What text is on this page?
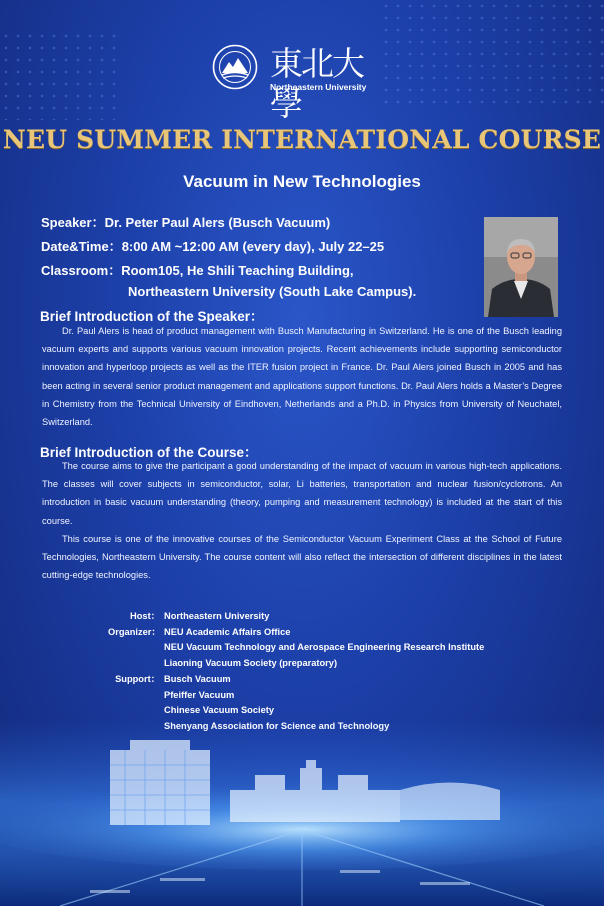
東北大學
Northeastern University
NEU SUMMER INTERNATIONAL COURSE
Vacuum in New Technologies
Speaker：Dr. Peter Paul Alers (Busch Vacuum)
Date&Time：8:00 AM ~12:00 AM (every day), July 22–25
Classroom：Room105, He Shili Teaching Building,
Northeastern University (South Lake Campus).
Brief Introduction of the Speaker：

Dr. Paul Alers is head of product management with Busch Manufacturing in Switzerland. He is one of the Busch leading vacuum experts and supports various vacuum innovation projects. Recent achievements include supporting semiconductor innovation and hyperloop projects as well as the ITER fusion project in France. Dr. Paul Alers joined Busch in 2005 and has been acting in several senior product management and applications support functions. Dr. Paul Alers holds a Master’s Degree in Chemistry from the Technical University of Eindhoven, Netherlands and a Ph.D. in Physics from University of Neuchatel, Switzerland.

Brief Introduction of the Course：

The course aims to give the participant a good understanding of the impact of vacuum in various high-tech applications. The classes will cover subjects in semiconductor, solar, Li batteries, transportation and nuclear fusion/cyclotrons. An introduction in basic vacuum understanding (theory, pumping and measurement technology) is included at the start of this course.

This course is one of the innovative courses of the Semiconductor Vacuum Experiment Class at the School of Future Technologies, Northeastern University. The course content will also reflect the intersection of different disciplines in the latest cutting-edge technologies.

Host：
Organizer：

Support：
Northeastern University
NEU Academic Affairs Office
NEU Vacuum Technology and Aerospace Engineering Research Institute
Liaoning Vacuum Society (preparatory)
Busch Vacuum
Pfeiffer Vacuum
Chinese Vacuum Society
